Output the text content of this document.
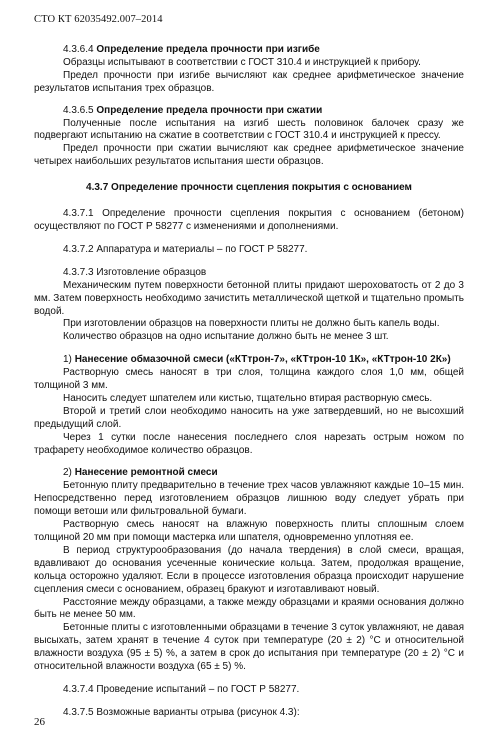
СТО КТ 62035492.007–2014

4.3.6.4 Определение предела прочности при изгибе

Образцы испытывают в соответствии с ГОСТ 310.4 и инструкцией к прибору.

Предел прочности при изгибе вычисляют как среднее арифметическое значение результатов испытания трех образцов.

4.3.6.5 Определение предела прочности при сжатии

Полученные после испытания на изгиб шесть половинок балочек сразу же подвергают испытанию на сжатие в соответствии с ГОСТ 310.4 и инструкцией к прессу.

Предел прочности при сжатии вычисляют как среднее арифметическое значение четырех наибольших результатов испытания шести образцов.

4.3.7 Определение прочности сцепления покрытия с основанием

4.3.7.1 Определение прочности сцепления покрытия с основанием (бетоном) осуществляют по ГОСТ Р 58277 с изменениями и дополнениями.

4.3.7.2 Аппаратура и материалы – по ГОСТ Р 58277.

4.3.7.3 Изготовление образцов

Механическим путем поверхности бетонной плиты придают шероховатость от 2 до 3 мм. Затем поверхность необходимо зачистить металлической щеткой и тщательно промыть водой.

При изготовлении образцов на поверхности плиты не должно быть капель воды.

Количество образцов на одно испытание должно быть не менее 3 шт.

1) Нанесение обмазочной смеси («КТтрон-7», «КТтрон-10 1К», «КТтрон-10 2К»)

Растворную смесь наносят в три слоя, толщина каждого слоя 1,0 мм, общей толщиной 3 мм.

Наносить следует шпателем или кистью, тщательно втирая растворную смесь.

Второй и третий слои необходимо наносить на уже затвердевший, но не высохший предыдущий слой.

Через 1 сутки после нанесения последнего слоя нарезать острым ножом по трафарету необходимое количество образцов.

2) Нанесение ремонтной смеси

Бетонную плиту предварительно в течение трех часов увлажняют каждые 10–15 мин. Непосредственно перед изготовлением образцов лишнюю воду следует убрать при помощи ветоши или фильтровальной бумаги.

Растворную смесь наносят на влажную поверхность плиты сплошным слоем толщиной 20 мм при помощи мастерка или шпателя, одновременно уплотняя ее.

В период структурообразования (до начала твердения) в слой смеси, вращая, вдавливают до основания усеченные конические кольца. Затем, продолжая вращение, кольца осторожно удаляют. Если в процессе изготовления образца происходит нарушение сцепления смеси с основанием, образец бракуют и изготавливают новый.

Расстояние между образцами, а также между образцами и краями основания должно быть не менее 50 мм.

Бетонные плиты с изготовленными образцами в течение 3 суток увлажняют, не давая высыхать, затем хранят в течение 4 суток при температуре (20 ± 2) °С и относительной влажности воздуха (95 ± 5) %, а затем в срок до испытания при температуре (20 ± 2) °С и относительной влажности воздуха (65 ± 5) %.

4.3.7.4 Проведение испытаний – по ГОСТ Р 58277.

4.3.7.5 Возможные варианты отрыва (рисунок 4.3):

26
